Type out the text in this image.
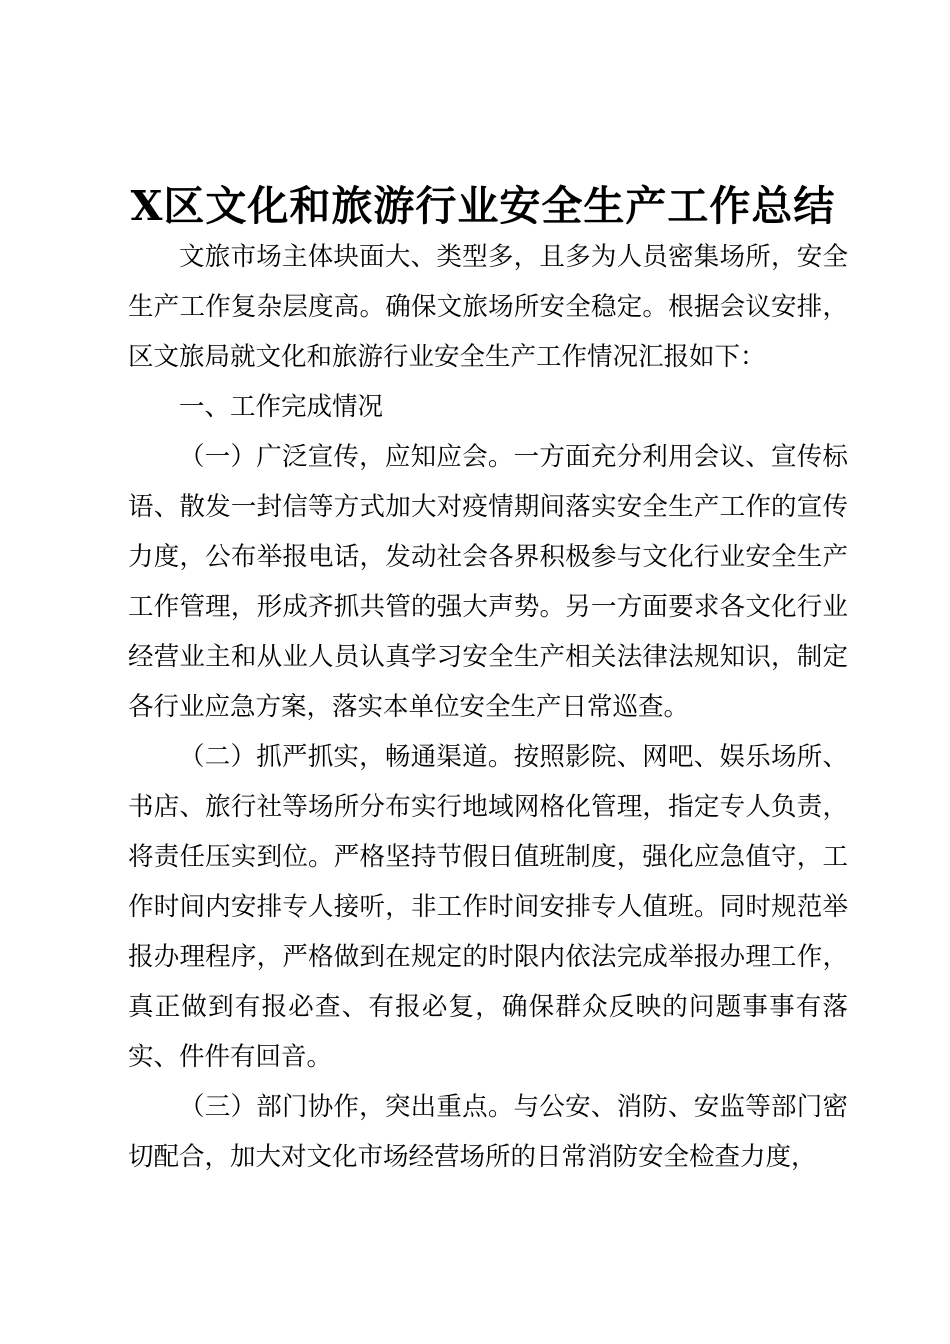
X区文化和旅游行业安全生产工作总结

文旅市场主体块面大、类型多，且多为人员密集场所，安全生产工作复杂层度高。确保文旅场所安全稳定。根据会议安排，区文旅局就文化和旅游行业安全生产工作情况汇报如下：

一、工作完成情况

（一）广泛宣传，应知应会。一方面充分利用会议、宣传标语、散发一封信等方式加大对疫情期间落实安全生产工作的宣传力度，公布举报电话，发动社会各界积极参与文化行业安全生产工作管理，形成齐抓共管的强大声势。另一方面要求各文化行业经营业主和从业人员认真学习安全生产相关法律法规知识，制定各行业应急方案，落实本单位安全生产日常巡查。

（二）抓严抓实，畅通渠道。按照影院、网吧、娱乐场所、书店、旅行社等场所分布实行地域网格化管理，指定专人负责，将责任压实到位。严格坚持节假日值班制度，强化应急值守，工作时间内安排专人接听，非工作时间安排专人值班。同时规范举报办理程序，严格做到在规定的时限内依法完成举报办理工作，真正做到有报必查、有报必复，确保群众反映的问题事事有落实、件件有回音。

（三）部门协作，突出重点。与公安、消防、安监等部门密切配合，加大对文化市场经营场所的日常消防安全检查力度，
